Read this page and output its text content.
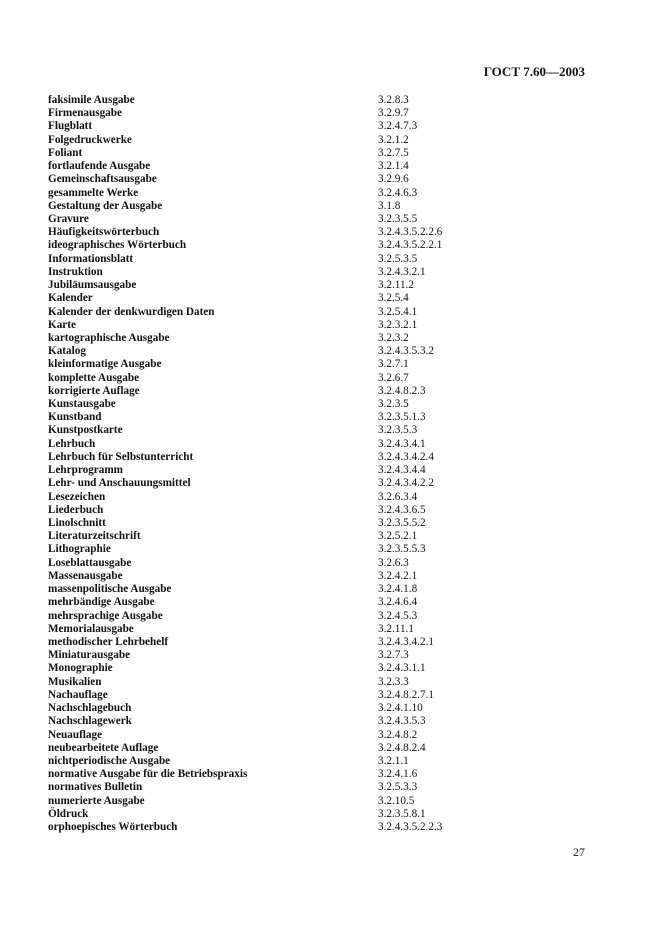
ГОСТ 7.60—2003
faksimile Ausgabe	3.2.8.3
Firmenausgabe	3.2.9.7
Flugblatt	3.2.4.7.3
Folgedruckwerke	3.2.1.2
Foliant	3.2.7.5
fortlaufende Ausgabe	3.2.1.4
Gemeinschaftsausgabe	3.2.9.6
gesammelte Werke	3.2.4.6.3
Gestaltung der Ausgabe	3.1.8
Gravure	3.2.3.5.5
Häufigkeitswörterbuch	3.2.4.3.5.2.2.6
ideographisches Wörterbuch	3.2.4.3.5.2.2.1
Informationsblatt	3.2.5.3.5
Instruktion	3.2.4.3.2.1
Jubiläumsausgabe	3.2.11.2
Kalender	3.2.5.4
Kalender der denkwurdigen Daten	3.2.5.4.1
Karte	3.2.3.2.1
kartographische Ausgabe	3.2.3.2
Katalog	3.2.4.3.5.3.2
kleinformatige Ausgabe	3.2.7.1
komplette Ausgabe	3.2.6.7
korrigierte Auflage	3.2.4.8.2.3
Kunstausgabe	3.2.3.5
Kunstband	3.2.3.5.1.3
Kunstpostkarte	3.2.3.5.3
Lehrbuch	3.2.4.3.4.1
Lehrbuch für Selbstunterricht	3.2.4.3.4.2.4
Lehrprogramm	3.2.4.3.4.4
Lehr- und Anschauungsmittel	3.2.4.3.4.2.2
Lesezeichen	3.2.6.3.4
Liederbuch	3.2.4.3.6.5
Linolschnitt	3.2.3.5.5.2
Literaturzeitschrift	3.2.5.2.1
Lithographie	3.2.3.5.5.3
Loseblattausgabe	3.2.6.3
Massenausgabe	3.2.4.2.1
massenpolitische Ausgabe	3.2.4.1.8
mehrbändige Ausgabe	3.2.4.6.4
mehrsprachige Ausgabe	3.2.4.5.3
Memorialausgabe	3.2.11.1
methodischer Lehrbehelf	3.2.4.3.4.2.1
Miniaturausgabe	3.2.7.3
Monographie	3.2.4.3.1.1
Musikalien	3.2.3.3
Nachauflage	3.2.4.8.2.7.1
Nachschlagebuch	3.2.4.1.10
Nachschlagewerk	3.2.4.3.5.3
Neuauflage	3.2.4.8.2
neubearbeitete Auflage	3.2.4.8.2.4
nichtperiodische Ausgabe	3.2.1.1
normative Ausgabe für die Betriebspraxis	3.2.4.1.6
normatives Bulletin	3.2.5.3.3
numerierte Ausgabe	3.2.10.5
Öldruck	3.2.3.5.8.1
orphoepisches Wörterbuch	3.2.4.3.5.2.2.3
27
